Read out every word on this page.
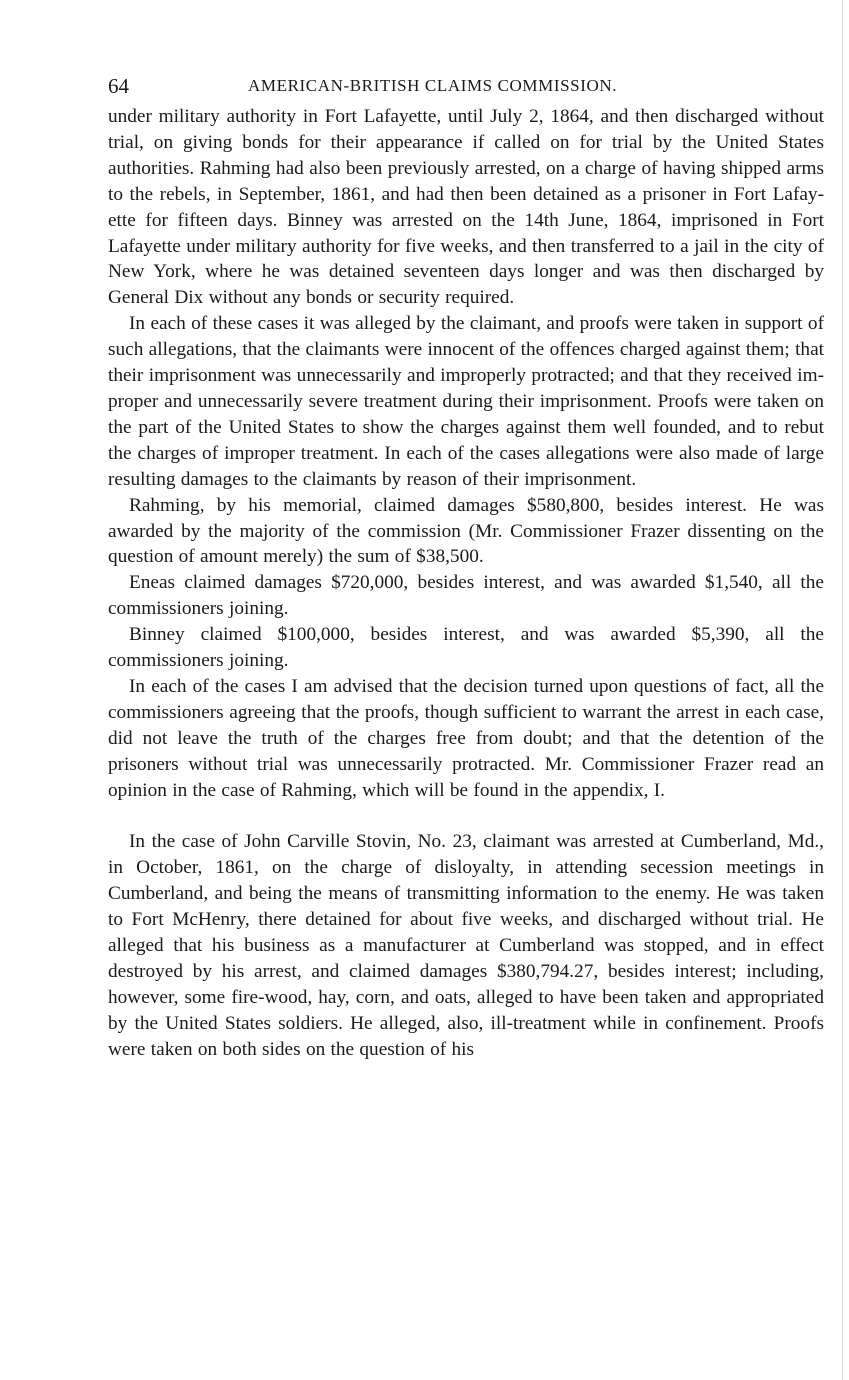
64	AMERICAN-BRITISH CLAIMS COMMISSION.

under military authority in Fort Lafayette, until July 2, 1864, and then discharged without trial, on giving bonds for their appearance if called on for trial by the United States authorities. Rahming had also been previously arrested, on a charge of having shipped arms to the rebels, in September, 1861, and had then been detained as a prisoner in Fort Lafayette for fifteen days. Binney was arrested on the 14th June, 1864, imprisoned in Fort Lafayette under military authority for five weeks, and then transferred to a jail in the city of New York, where he was detained seventeen days longer and was then discharged by General Dix without any bonds or security required.

In each of these cases it was alleged by the claimant, and proofs were taken in support of such allegations, that the claimants were innocent of the offences charged against them; that their imprisonment was unnecessarily and improperly protracted; and that they received improper and unnecessarily severe treatment during their imprisonment. Proofs were taken on the part of the United States to show the charges against them well founded, and to rebut the charges of improper treatment. In each of the cases allegations were also made of large resulting damages to the claimants by reason of their imprisonment.

Rahming, by his memorial, claimed damages $580,800, besides interest. He was awarded by the majority of the commission (Mr. Commissioner Frazer dissenting on the question of amount merely) the sum of $38,500.

Eneas claimed damages $720,000, besides interest, and was awarded $1,540, all the commissioners joining.

Binney claimed $100,000, besides interest, and was awarded $5,390, all the commissioners joining.

In each of the cases I am advised that the decision turned upon questions of fact, all the commissioners agreeing that the proofs, though sufficient to warrant the arrest in each case, did not leave the truth of the charges free from doubt; and that the detention of the prisoners without trial was unnecessarily protracted. Mr. Commissioner Frazer read an opinion in the case of Rahming, which will be found in the appendix, I.

In the case of John Carville Stovin, No. 23, claimant was arrested at Cumberland, Md., in October, 1861, on the charge of disloyalty, in attending secession meetings in Cumberland, and being the means of transmitting information to the enemy. He was taken to Fort McHenry, there detained for about five weeks, and discharged without trial. He alleged that his business as a manufacturer at Cumberland was stopped, and in effect destroyed by his arrest, and claimed damages $380,794.27, besides interest; including, however, some fire-wood, hay, corn, and oats, alleged to have been taken and appropriated by the United States soldiers. He alleged, also, ill-treatment while in confinement. Proofs were taken on both sides on the question of his
